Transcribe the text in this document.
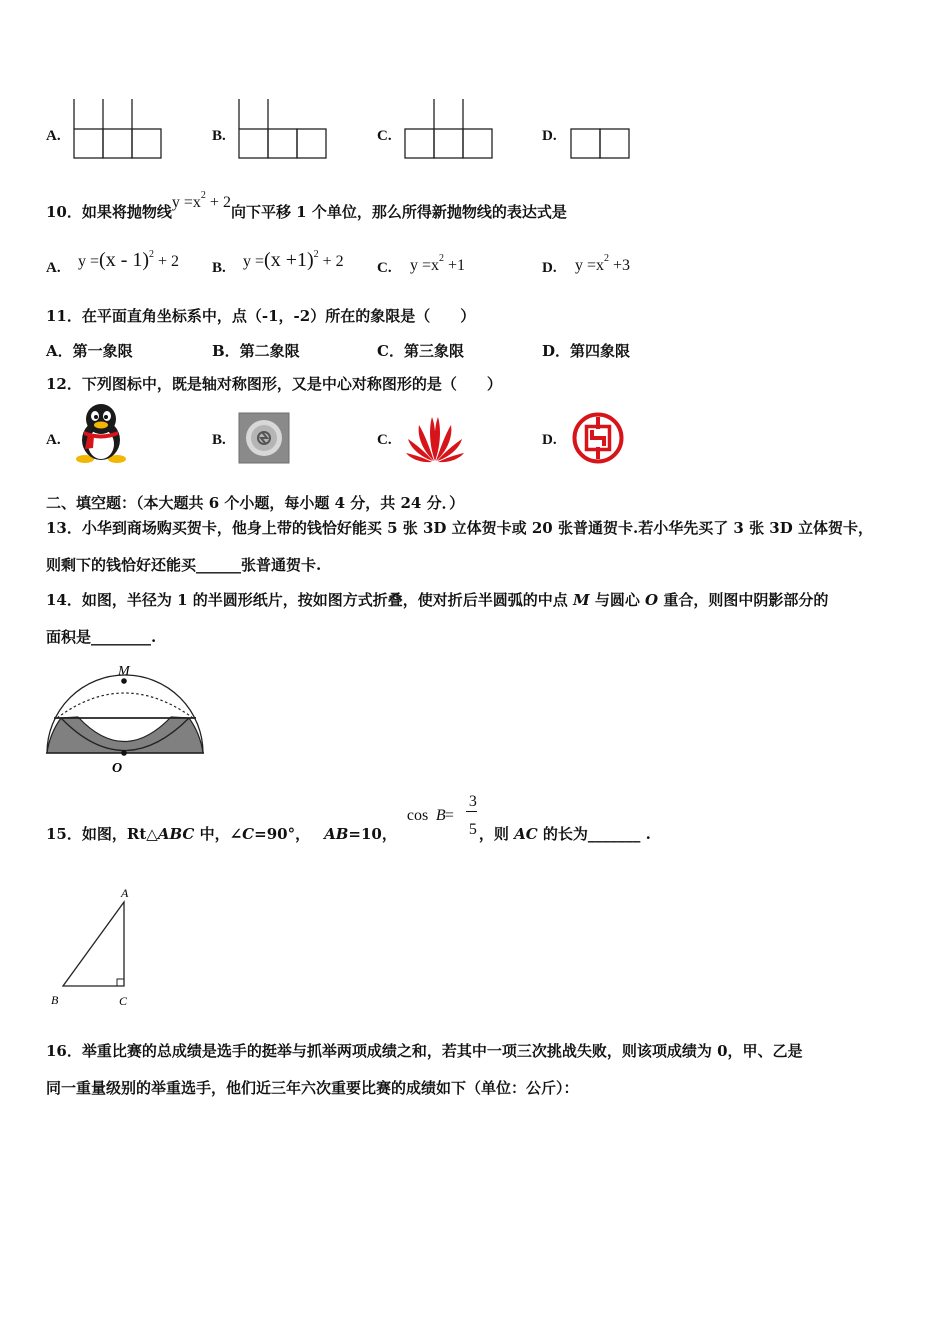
A.	B.	C.	D.
10．如果将抛物线$y =x^2 + 2$向下平移 1 个单位，那么所得新抛物线的表达式是
A. y =(x - 1)$^2$ + 2 B. $y =(x +1)^2 + 2$ C. $y =x^2 +1$	D. $y =x^2 +3$
11．在平面直角坐标系中，点（-1，-2）所在的象限是（　　）
A．第一象限	B．第二象限	C．第三象限	D．第四象限
12．下列图标中，既是轴对称图形，又是中心对称图形的是（　　）
A.	B.	C.	D.
二、填空题：（本大题共 6 个小题，每小题 4 分，共 24 分．）
13．小华到商场购买贺卡，他身上带的钱恰好能买 5 张 3D 立体贺卡或 20 张普通贺卡.若小华先买了 3 张 3D 立体贺卡，
则剩下的钱恰好还能买______张普通贺卡.
14．如图，半径为 1 的半圆形纸片，按如图方式折叠，使对折后半圆弧的中点 M 与圆心 O 重合，则图中阴影部分的
面积是________.
M
O
15．如图，Rt△ABC 中，∠C=90°， AB=10，
cos B =
3
5 ，则 AC 的长为_______ .
A
B	C
16．举重比赛的总成绩是选手的挺举与抓举两项成绩之和，若其中一项三次挑战失败，则该项成绩为 0，甲、乙是
同一重量级别的举重选手，他们近三年六次重要比赛的成绩如下（单位：公斤）：
